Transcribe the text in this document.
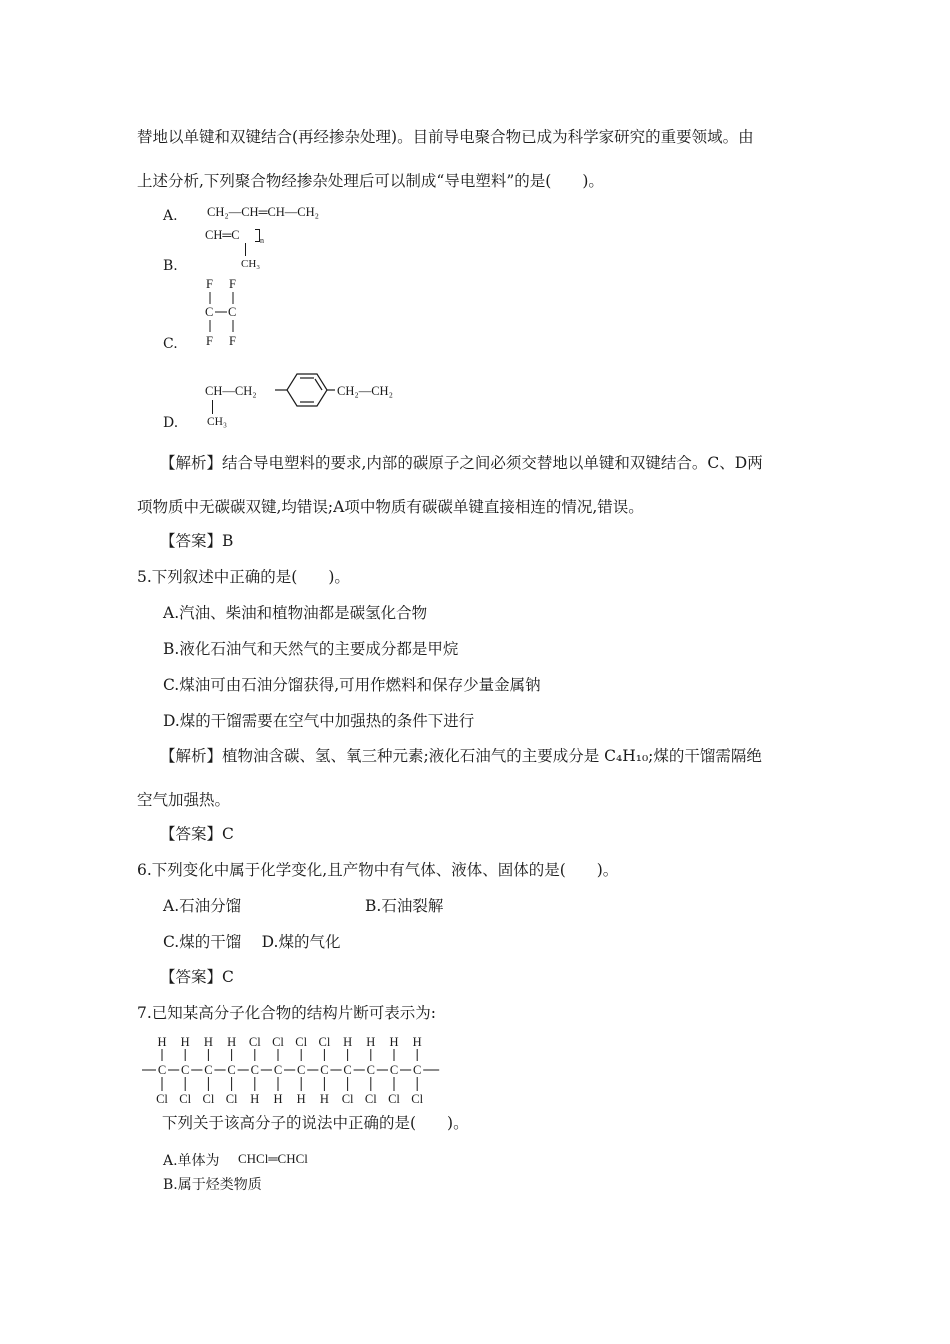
替地以单键和双键结合(再经掺杂处理)。目前导电聚合物已成为科学家研究的重要领域。由
上述分析,下列聚合物经掺杂处理后可以制成“导电塑料”的是(　　)。
A. CH₂—CH═CH—CH₂
B.
CH═C	n
CH₃
C.
F F
C C
F F
D.
CH—CH₂	CH₂—CH₂
CH₃
【解析】结合导电塑料的要求,内部的碳原子之间必须交替地以单键和双键结合。C、D两
项物质中无碳碳双键,均错误;A项中物质有碳碳单键直接相连的情况,错误。
【答案】B
5.下列叙述中正确的是(　　)。
A.汽油、柴油和植物油都是碳氢化合物
B.液化石油气和天然气的主要成分都是甲烷
C.煤油可由石油分馏获得,可用作燃料和保存少量金属钠
D.煤的干馏需要在空气中加强热的条件下进行
【解析】植物油含碳、氢、氧三种元素;液化石油气的主要成分是 C₄H₁₀;煤的干馏需隔绝
空气加强热。
【答案】C
6.下列变化中属于化学变化,且产物中有气体、液体、固体的是(　　)。
A.石油分馏	B.石油裂解
C.煤的干馏　 D.煤的气化
【答案】C
7.已知某高分子化合物的结构片断可表示为:
H
C
Cl
H
C
Cl
H
C
Cl
H
C
Cl
Cl
C
H
Cl
C
H
Cl
C
H
Cl
C
H
H
C
Cl
H
C
Cl
H
C
Cl
H
C
Cl
下列关于该高分子的说法中正确的是(　　)。
A.单体为 CHCl═CHCl
B.属于烃类物质
